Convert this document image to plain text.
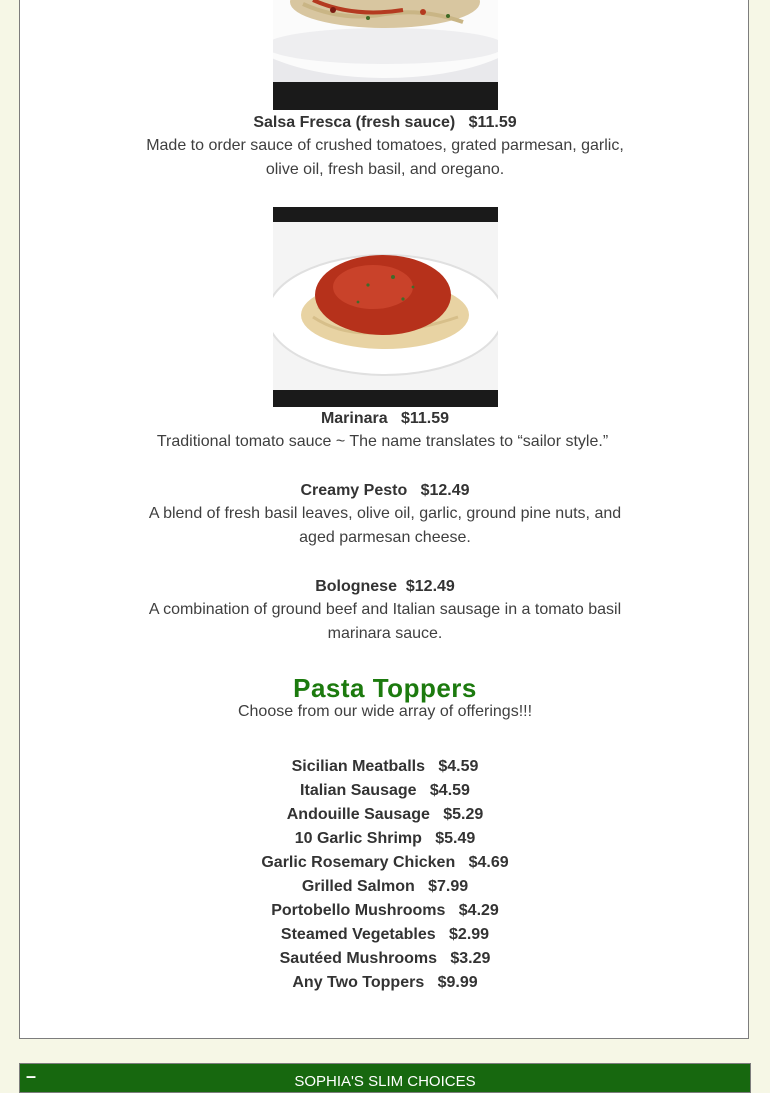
Salsa Fresca (fresh sauce) $11.59
Made to order sauce of crushed tomatoes, grated parmesan, garlic, olive oil, fresh basil, and oregano.
Marinara $11.59
Traditional tomato sauce ~ The name translates to “sailor style.”
Creamy Pesto $12.49
A blend of fresh basil leaves, olive oil, garlic, ground pine nuts, and aged parmesan cheese.
Bolognese $12.49
A combination of ground beef and Italian sausage in a tomato basil marinara sauce.
Pasta Toppers
Choose from our wide array of offerings!!!
Sicilian Meatballs $4.59
Italian Sausage $4.59
Andouille Sausage $5.29
10 Garlic Shrimp $5.49
Garlic Rosemary Chicken $4.69
Grilled Salmon $7.99
Portobello Mushrooms $4.29
Steamed Vegetables $2.99
Sautéed Mushrooms $3.29
Any Two Toppers $9.99
–	SOPHIA'S SLIM CHOICES
